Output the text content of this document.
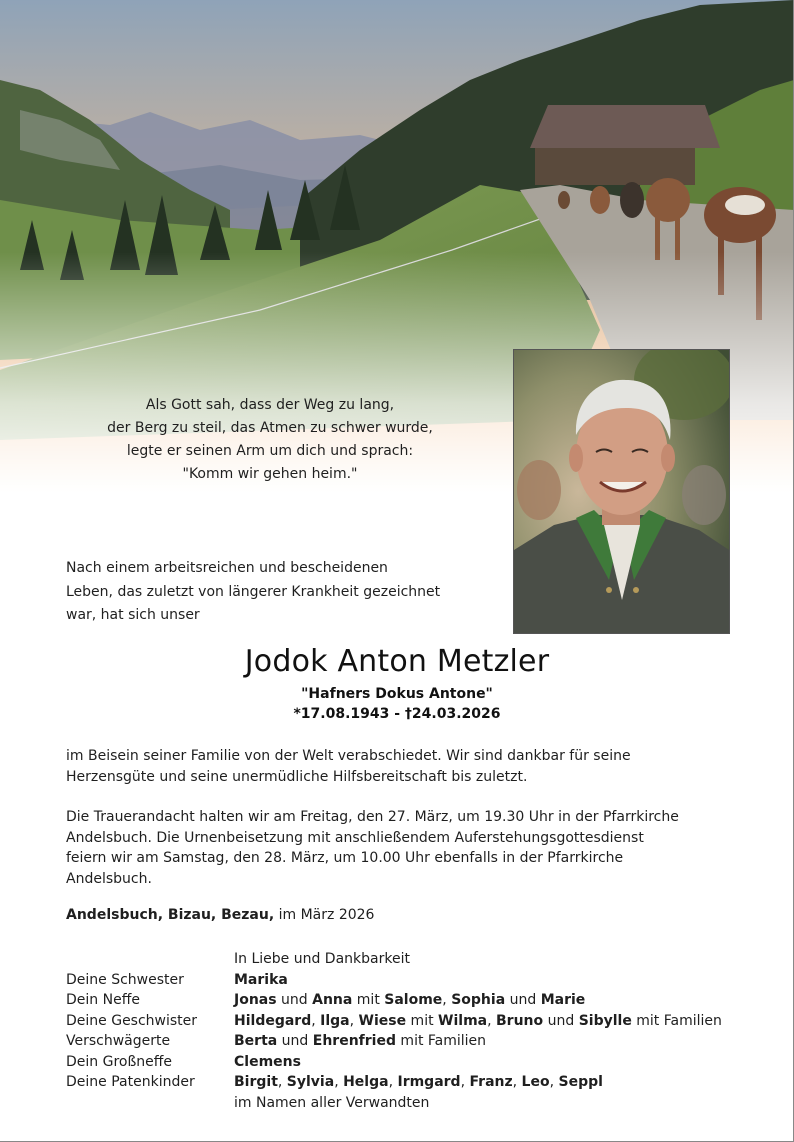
Als Gott sah, dass der Weg zu lang,
der Berg zu steil, das Atmen zu schwer wurde,
legte er seinen Arm um dich und sprach:
"Komm wir gehen heim."
Nach einem arbeitsreichen und bescheidenen
Leben, das zuletzt von längerer Krankheit gezeichnet
war, hat sich unser
Jodok Anton Metzler
"Hafners Dokus Antone"
*17.08.1943 - †24.03.2026
im Beisein seiner Familie von der Welt verabschiedet. Wir sind dankbar für seine
Herzensgüte und seine unermüdliche Hilfsbereitschaft bis zuletzt.
Die Trauerandacht halten wir am Freitag, den 27. März, um 19.30 Uhr in der Pfarrkirche
Andelsbuch. Die Urnenbeisetzung mit anschließendem Auferstehungsgottesdienst
feiern wir am Samstag, den 28. März, um 10.00 Uhr ebenfalls in der Pfarrkirche
Andelsbuch.
Andelsbuch, Bizau, Bezau, im März 2026
In Liebe und Dankbarkeit
Deine Schwester	Marika
Dein Neffe	Jonas und Anna mit Salome, Sophia und Marie
Deine Geschwister	Hildegard, Ilga, Wiese mit Wilma, Bruno und Sibylle mit Familien
Verschwägerte	Berta und Ehrenfried mit Familien
Dein Großneffe	Clemens
Deine Patenkinder	Birgit, Sylvia, Helga, Irmgard, Franz, Leo, Seppl
im Namen aller Verwandten
